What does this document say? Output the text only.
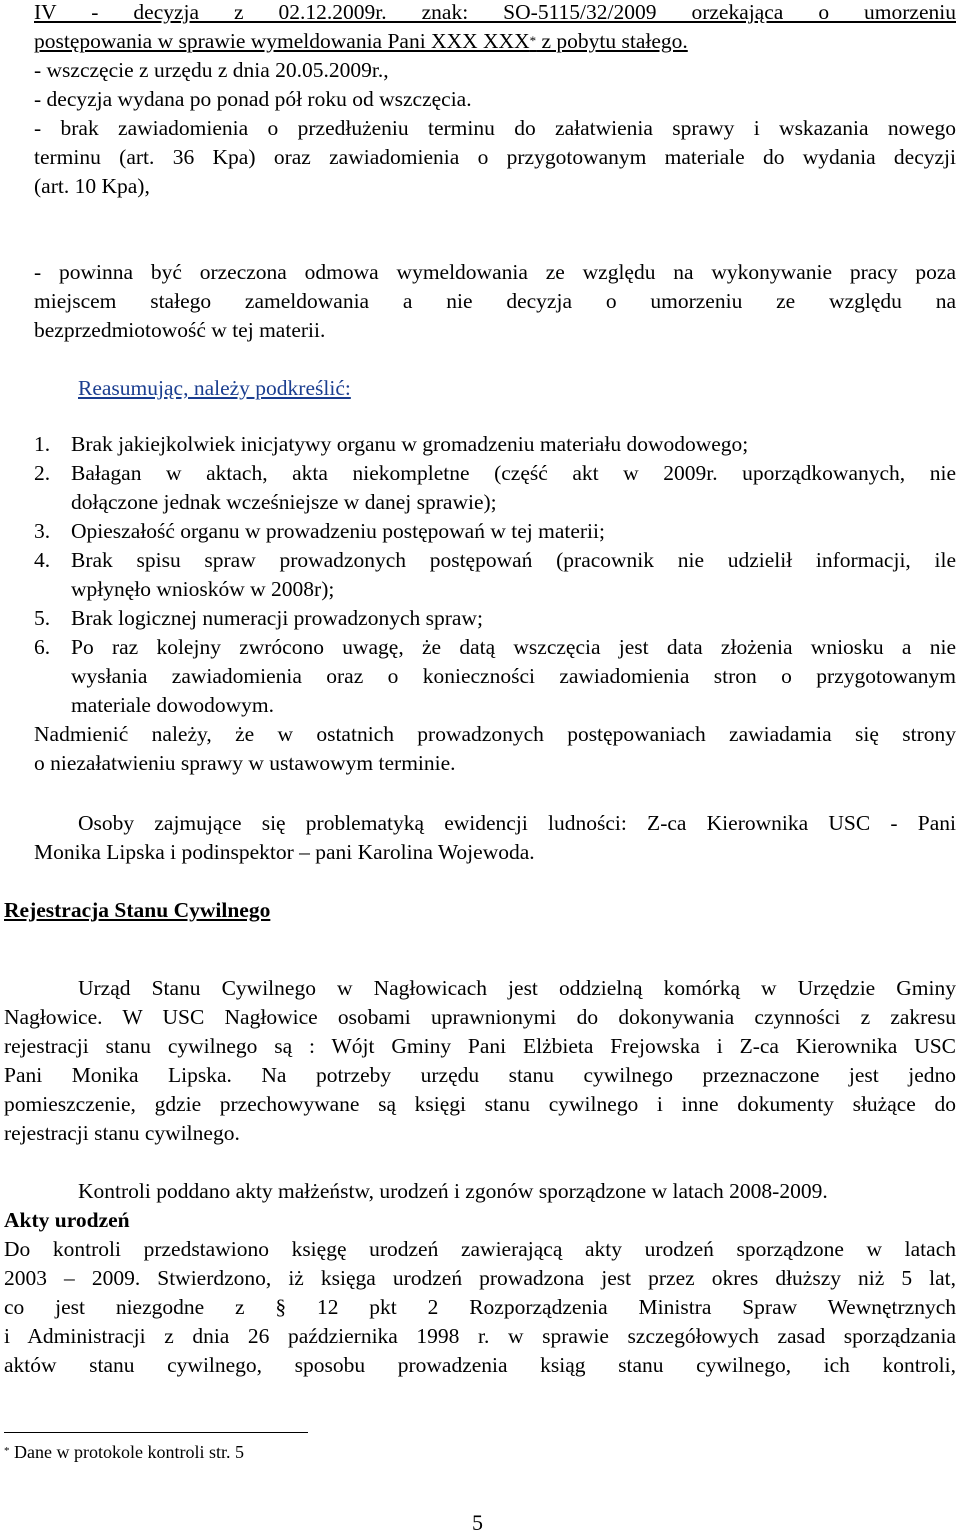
IV - decyzja z 02.12.2009r. znak: SO-5115/32/2009 orzekająca o umorzeniu
postępowania w sprawie wymeldowania Pani XXX XXX* z pobytu stałego.
- wszczęcie z urzędu z dnia 20.05.2009r.,
- decyzja wydana po ponad pół roku od wszczęcia.
- brak zawiadomienia o przedłużeniu terminu do załatwienia sprawy i wskazania nowego
terminu (art. 36 Kpa) oraz zawiadomienia o przygotowanym materiale do wydania decyzji
(art. 10 Kpa),
- powinna być orzeczona odmowa wymeldowania ze względu na wykonywanie pracy poza
miejscem stałego zameldowania a nie decyzja o umorzeniu ze względu na
bezprzedmiotowość w tej materii.
Reasumując, należy podkreślić:
1. Brak jakiejkolwiek inicjatywy organu w gromadzeniu materiału dowodowego;
2. Bałagan w aktach, akta niekompletne (część akt w 2009r. uporządkowanych, nie
dołączone jednak wcześniejsze w danej sprawie);
3. Opieszałość organu w prowadzeniu postępowań w tej materii;
4. Brak spisu spraw prowadzonych postępowań (pracownik nie udzielił informacji, ile
wpłynęło wniosków w 2008r);
5. Brak logicznej numeracji prowadzonych spraw;
6. Po raz kolejny zwrócono uwagę, że datą wszczęcia jest data złożenia wniosku a nie
wysłania zawiadomienia oraz o konieczności zawiadomienia stron o przygotowanym
materiale dowodowym.
Nadmienić należy, że w ostatnich prowadzonych postępowaniach zawiadamia się strony
o niezałatwieniu sprawy w ustawowym terminie.
Osoby zajmujące się problematyką ewidencji ludności: Z-ca Kierownika USC - Pani
Monika Lipska i podinspektor – pani Karolina Wojewoda.
Rejestracja Stanu Cywilnego
Urząd Stanu Cywilnego w Nagłowicach jest oddzielną komórką w Urzędzie Gminy
Nagłowice. W USC Nagłowice osobami uprawnionymi do dokonywania czynności z zakresu
rejestracji stanu cywilnego są : Wójt Gminy Pani Elżbieta Frejowska i Z-ca Kierownika USC
Pani Monika Lipska. Na potrzeby urzędu stanu cywilnego przeznaczone jest jedno
pomieszczenie, gdzie przechowywane są księgi stanu cywilnego i inne dokumenty służące do
rejestracji stanu cywilnego.
Kontroli poddano akty małżeństw, urodzeń i zgonów sporządzone w latach 2008-2009.
Akty urodzeń
Do kontroli przedstawiono księgę urodzeń zawierającą akty urodzeń sporządzone w latach
2003 – 2009. Stwierdzono, iż księga urodzeń prowadzona jest przez okres dłuższy niż 5 lat,
co jest niezgodne z § 12 pkt 2 Rozporządzenia Ministra Spraw Wewnętrznych
i Administracji z dnia 26 października 1998 r. w sprawie szczegółowych zasad sporządzania
aktów stanu cywilnego, sposobu prowadzenia ksiąg stanu cywilnego, ich kontroli,
* Dane w protokole kontroli str. 5
5
